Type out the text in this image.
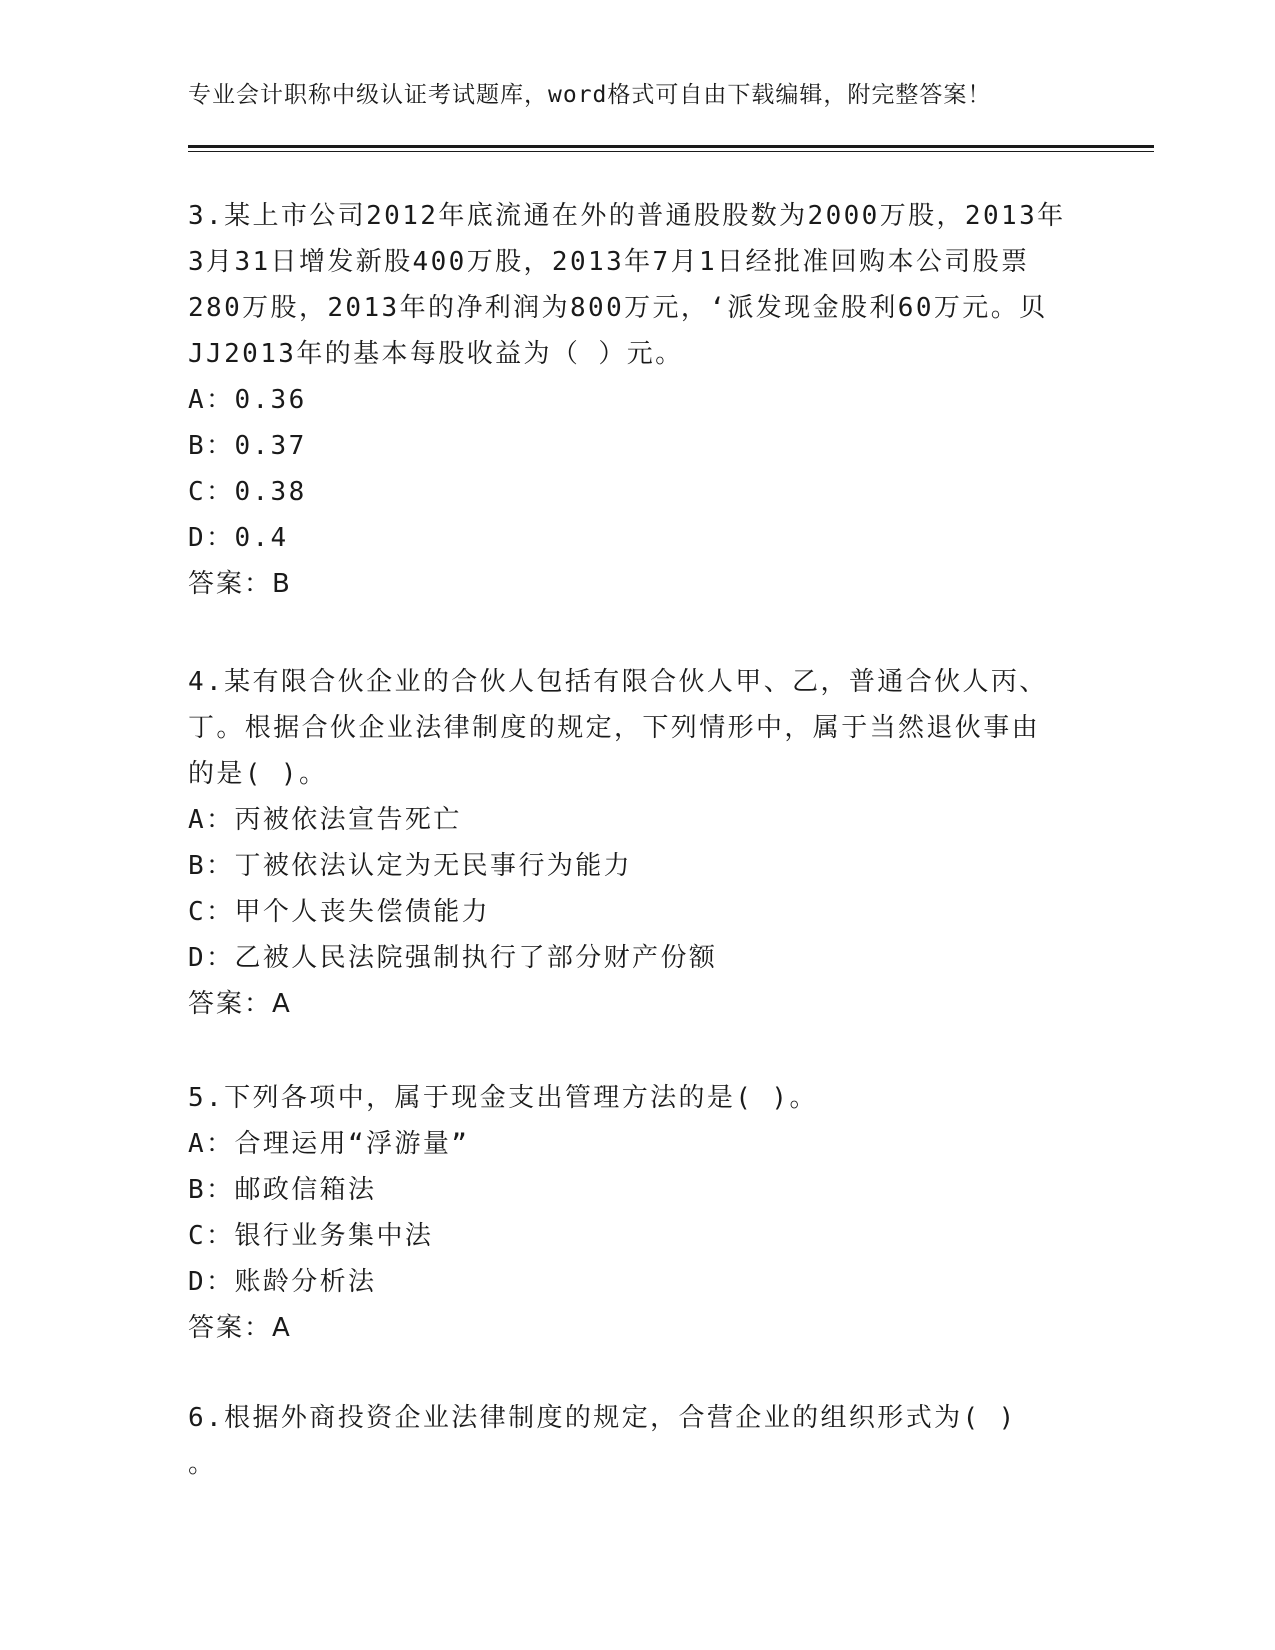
专业会计职称中级认证考试题库，word格式可自由下载编辑，附完整答案！
3.某上市公司2012年底流通在外的普通股股数为2000万股，2013年
3月31日增发新股400万股，2013年7月1日经批准回购本公司股票
280万股，2013年的净利润为800万元，‘派发现金股利60万元。贝
JJ2013年的基本每股收益为（ ）元。
A：0.36
B：0.37
C：0.38
D：0.4
答案：B
4.某有限合伙企业的合伙人包括有限合伙人甲、乙，普通合伙人丙、
丁。根据合伙企业法律制度的规定，下列情形中，属于当然退伙事由
的是( )。
A：丙被依法宣告死亡
B：丁被依法认定为无民事行为能力
C：甲个人丧失偿债能力
D：乙被人民法院强制执行了部分财产份额
答案：A
5.下列各项中，属于现金支出管理方法的是( )。
A：合理运用“浮游量”
B：邮政信箱法
C：银行业务集中法
D：账龄分析法
答案：A
6.根据外商投资企业法律制度的规定，合营企业的组织形式为( )
。
